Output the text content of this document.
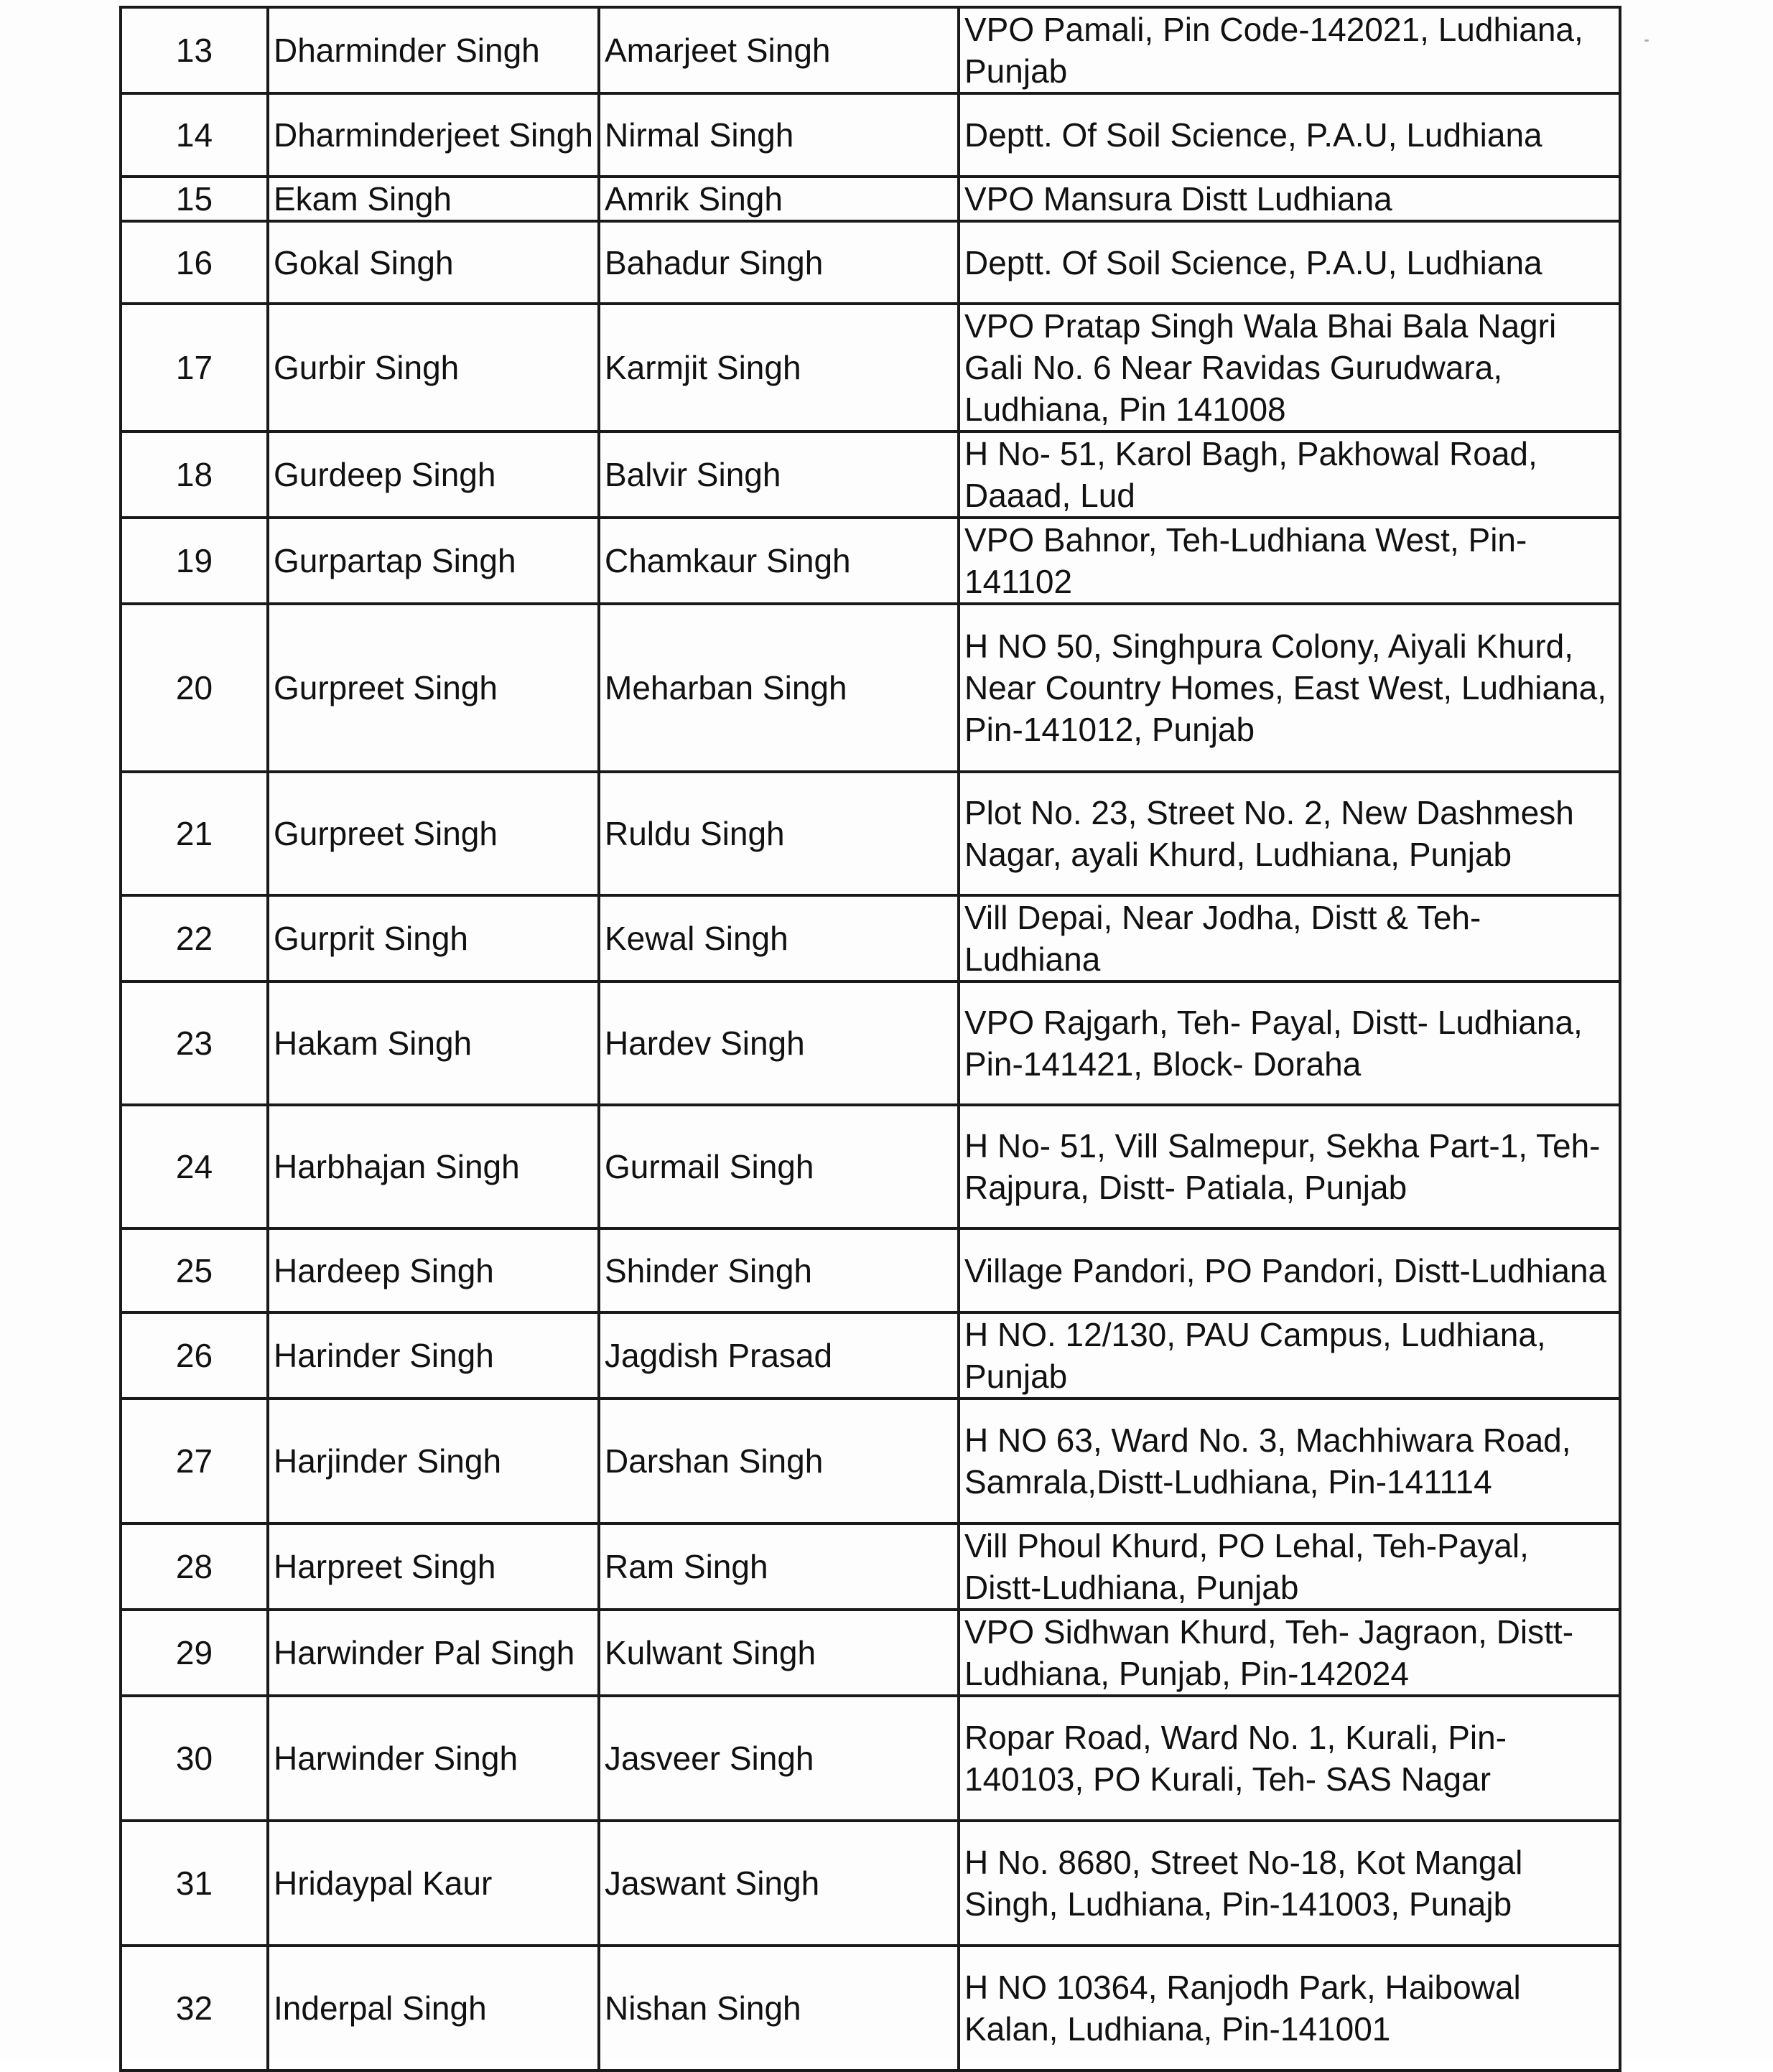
13	Dharminder Singh	Amarjeet Singh	VPO Pamali, Pin Code-142021, Ludhiana, Punjab
14	Dharminderjeet Singh	Nirmal Singh	Deptt. Of Soil Science, P.A.U, Ludhiana
15	Ekam Singh	Amrik Singh	VPO Mansura Distt Ludhiana
16	Gokal Singh	Bahadur Singh	Deptt. Of Soil Science, P.A.U, Ludhiana
17	Gurbir Singh	Karmjit Singh	VPO Pratap Singh Wala Bhai Bala Nagri Gali No. 6 Near Ravidas Gurudwara, Ludhiana, Pin 141008
18	Gurdeep Singh	Balvir Singh	H No- 51, Karol Bagh, Pakhowal Road, Daaad, Lud
19	Gurpartap Singh	Chamkaur Singh	VPO Bahnor, Teh-Ludhiana West, Pin-141102
20	Gurpreet Singh	Meharban Singh	H NO 50, Singhpura Colony, Aiyali Khurd, Near Country Homes, East West, Ludhiana, Pin-141012, Punjab
21	Gurpreet Singh	Ruldu Singh	Plot No. 23, Street No. 2, New Dashmesh Nagar, ayali Khurd, Ludhiana, Punjab
22	Gurprit Singh	Kewal Singh	Vill Depai, Near Jodha, Distt & Teh-Ludhiana
23	Hakam Singh	Hardev Singh	VPO Rajgarh, Teh- Payal, Distt- Ludhiana, Pin-141421, Block- Doraha
24	Harbhajan Singh	Gurmail Singh	H No- 51, Vill Salmepur, Sekha Part-1, Teh-Rajpura, Distt- Patiala, Punjab
25	Hardeep Singh	Shinder Singh	Village Pandori, PO Pandori, Distt-Ludhiana
26	Harinder Singh	Jagdish Prasad	H NO. 12/130, PAU Campus, Ludhiana, Punjab
27	Harjinder Singh	Darshan Singh	H NO 63, Ward No. 3, Machhiwara Road, Samrala,Distt-Ludhiana, Pin-141114
28	Harpreet Singh	Ram Singh	Vill Phoul Khurd, PO Lehal, Teh-Payal, Distt-Ludhiana, Punjab
29	Harwinder Pal Singh	Kulwant Singh	VPO Sidhwan Khurd, Teh- Jagraon, Distt-Ludhiana, Punjab, Pin-142024
30	Harwinder Singh	Jasveer Singh	Ropar Road, Ward No. 1, Kurali, Pin-140103, PO Kurali, Teh- SAS Nagar
31	Hridaypal Kaur	Jaswant Singh	H No. 8680, Street No-18, Kot Mangal Singh, Ludhiana, Pin-141003, Punajb
32	Inderpal Singh	Nishan Singh	H NO 10364, Ranjodh Park, Haibowal Kalan, Ludhiana, Pin-141001
